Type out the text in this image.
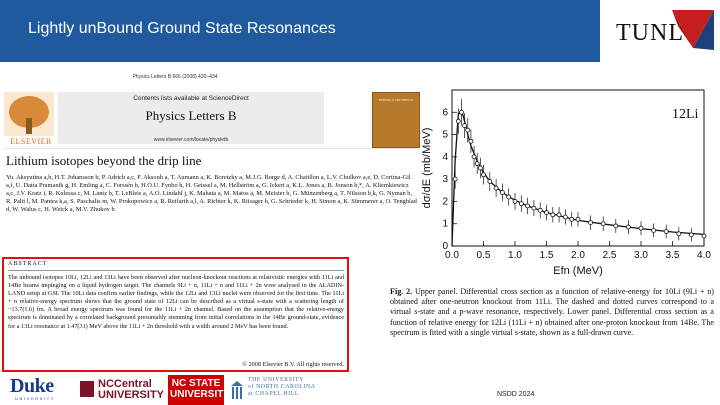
Lightly unBound Ground State Resonances	TUNL
Physics Letters B 666 (2008) 430–434
Contents lists available at ScienceDirect
Physics Letters B
www.elsevier.com/locate/physletb
ELSEVIER
PHYSICS LETTERS B
Lithium isotopes beyond the drip line
Yu. Aksyutina a,b, H.T. Johansson b, P. Adrich a,c, F. Aksouh a, T. Aumann a, K. Boretzky a, M.J.G. Borge d, A. Chatillon a, L.V. Chulkov a,e, D. Cortina-Gil a,f, U. Datta Pramanik g, H. Emling a, C. Forssén b, H.O.U. Fynbo h, H. Geissel a, M. Hellström a, G. Ickert a, K.L. Jones a, B. Jonson b,*, A. Kliemkiewicz a,c, J.V. Kratz i, R. Kulessa c, M. Lantz b, T. LeBleis a, A.O. Lindahl j, K. Mahata a, M. Matos a, M. Meister b, G. Münzenberg a, T. Nilsson b,k, G. Nyman b, R. Palit l, M. Pantea k,a, S. Paschalis m, W. Prokopowicz a, R. Reifarth a,l, A. Richter k, K. Riisager h, G. Schrieder k, H. Simon a, K. Sümmerer a, O. Tengblad d, W. Walus c, H. Weick a, M.V. Zhukov b
ABSTRACT
The unbound isotopes 10Li, 12Li and 13Li have been observed after nucleon-knockout reactions at relativistic energies with 11Li and 14Be beams impinging on a liquid hydrogen target. The channels 9Li + n, 11Li + n and 11Li + 2n were analysed in the ALADIN-LAND setup at GSI. The 10Li data confirm earlier findings, while the 12Li and 13Li nuclei were observed for the first time. The 11Li + n relative-energy spectrum shows that the ground state of 12Li can be described as a virtual s-state with a scattering length of −13.7(1.6) fm. A broad energy spectrum was found for the 11Li + 2n channel. Based on the assumption that the relative-energy spectrum is dominated by a correlated background presumably stemming from initial correlations in the 14Be ground-state, evidence for a 13Li resonance at 1.47(31) MeV above the 11Li + 2n threshold with a width around 2 MeV has been found.
© 2008 Elsevier B.V. All rights reserved.
0.0 0.5 1.0 1.5 2.0 2.5 3.0 3.5 4.0
0
1
2
3
4
5
6
Efn (MeV)
dσ/dE (mb/MeV)
12Li
Fig. 2. Upper panel. Differential cross section as a function of relative-energy for 10Li (9Li + n) obtained after one-neutron knockout from 11Li. The dashed and dotted curves correspond to a virtual s-state and a p-wave resonance, respectively. Lower panel. Differential cross section as a function of relative energy for 12Li (11Li + n) obtained after one-proton knockout from 14Be. The spectrum is fitted with a single virtual s-state, shown as a full-drawn curve.
Duke
UNIVERSITY
NCCentral
UNIVERSITY
NC STATE
UNIVERSITY
THE UNIVERSITY
of NORTH CAROLINA
at CHAPEL HILL	NSDD 2024
